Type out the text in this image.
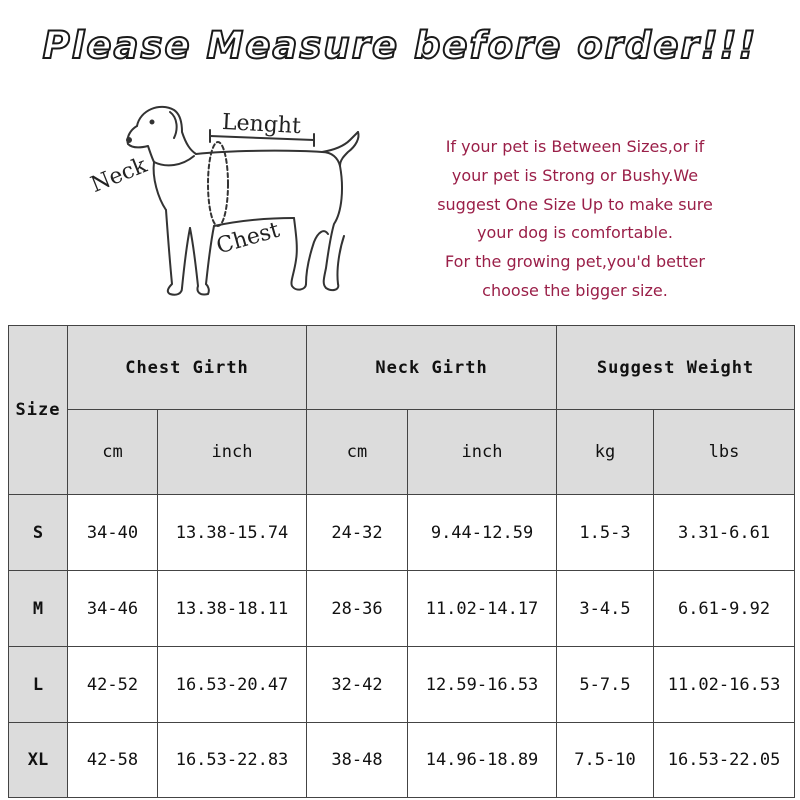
Please Measure before order!!!
Neck
Lenght
Chest
If your pet is Between Sizes,or if
your pet is Strong or Bushy.We
suggest One Size Up to make sure
your dog is comfortable.
For the growing pet,you'd better
choose the bigger size.
Size	Chest Girth		Neck Girth		Suggest Weight	
	cm	inch	cm	inch	kg	lbs
S	34-40	13.38-15.74	24-32	9.44-12.59	1.5-3	3.31-6.61
M	34-46	13.38-18.11	28-36	11.02-14.17	3-4.5	6.61-9.92
L	42-52	16.53-20.47	32-42	12.59-16.53	5-7.5	11.02-16.53
XL	42-58	16.53-22.83	38-48	14.96-18.89	7.5-10	16.53-22.05
